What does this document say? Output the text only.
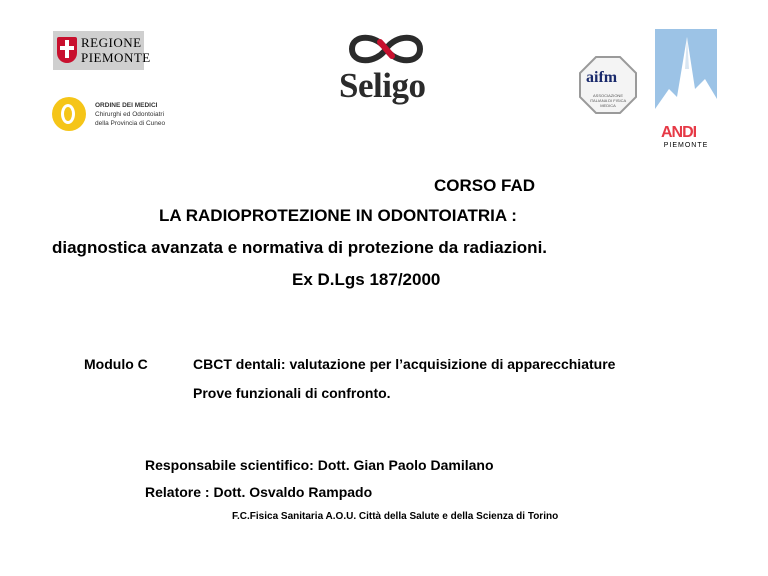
REGIONE
PIEMONTE
ORDINE DEI MEDICI
Chirurghi ed Odontoiatri
della Provincia di Cuneo
Seligo	aifm
ASSOCIAZIONE ITALIANA DI FISICA MEDICA
ANDI
PIEMONTE
CORSO FAD
LA RADIOPROTEZIONE IN ODONTOIATRIA :
diagnostica avanzata e normativa di protezione da radiazioni.
Ex D.Lgs 187/2000
Modulo C	CBCT dentali: valutazione per l’acquisizione di apparecchiature
Prove funzionali di confronto.
Responsabile scientifico: Dott. Gian Paolo Damilano
Relatore : Dott. Osvaldo Rampado
F.C.Fisica Sanitaria A.O.U. Città della Salute e della Scienza di Torino
